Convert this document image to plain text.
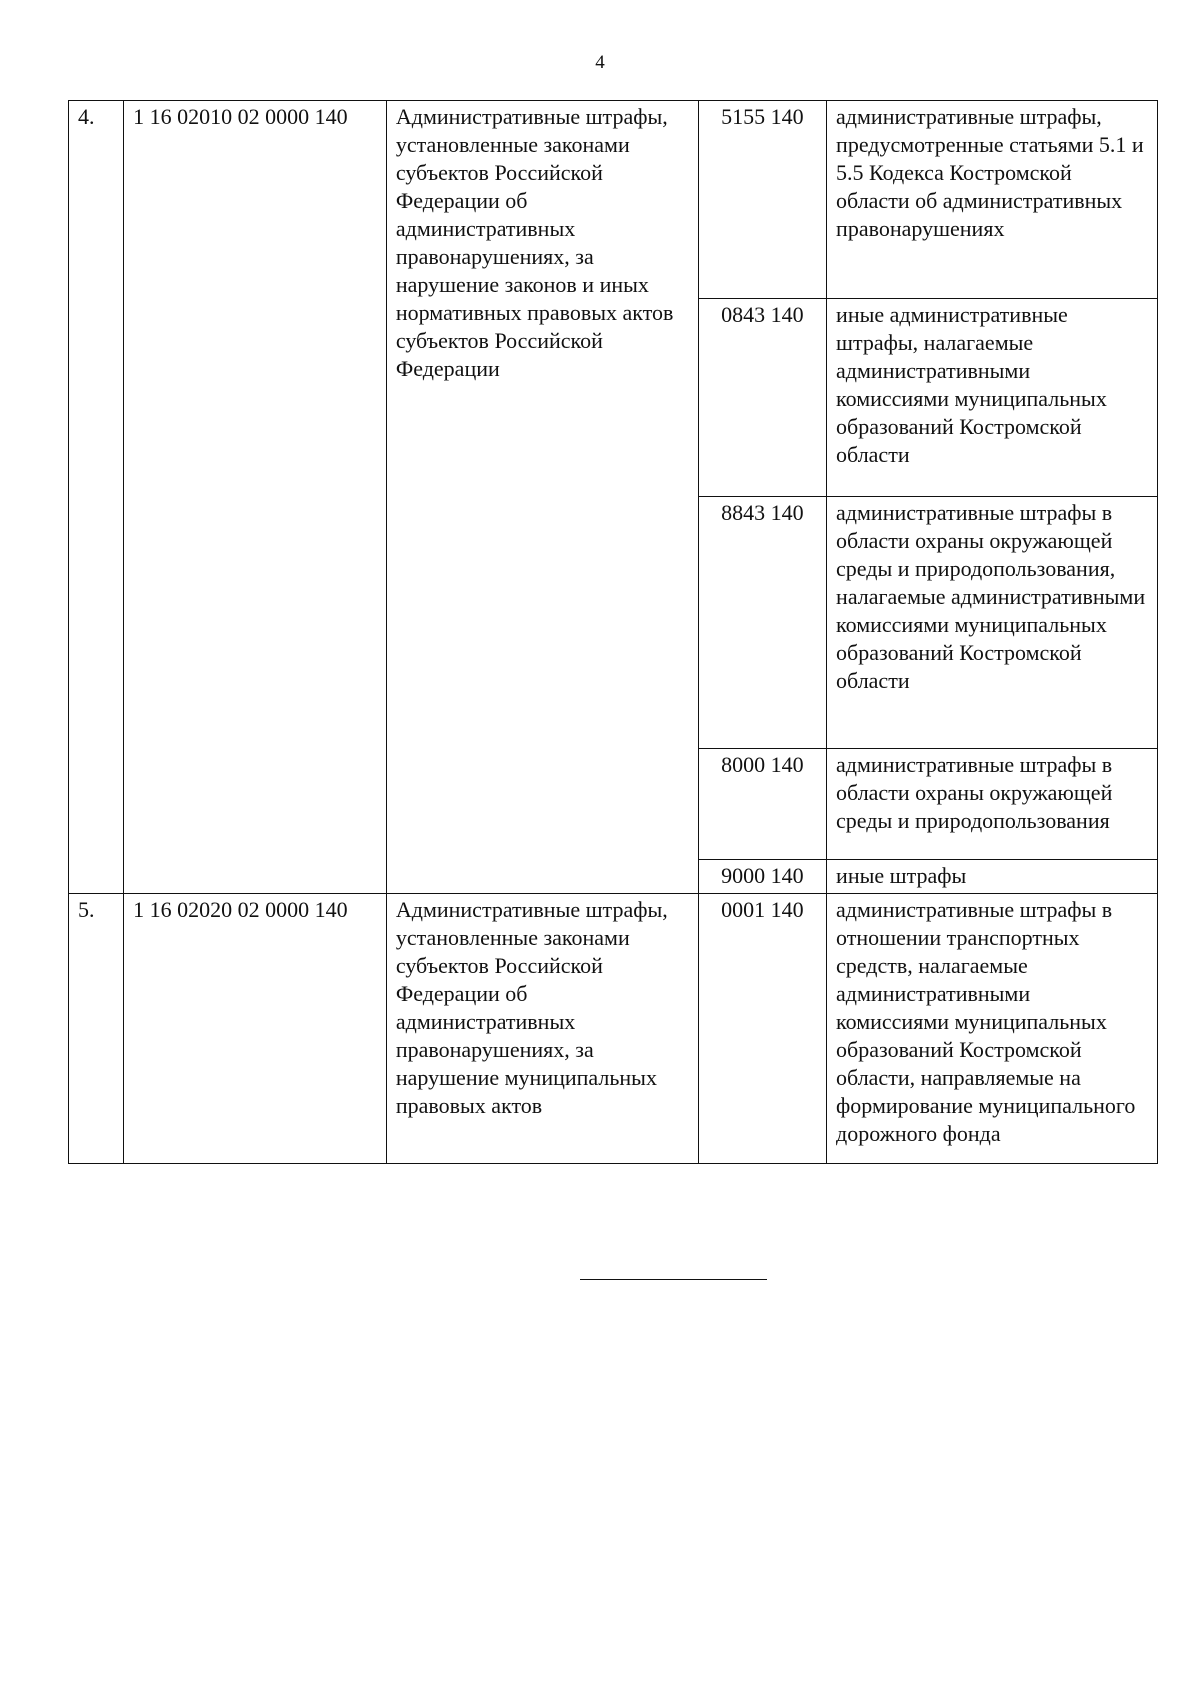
4
4.	1 16 02010 02 0000 140	Административные штрафы, установленные законами субъектов Российской Федерации об административных правонарушениях, за нарушение законов и иных нормативных правовых актов субъектов Российской Федерации	5155 140	административные штрафы, предусмотренные статьями 5.1 и 5.5 Кодекса Костромской области об административных правонарушениях
			0843 140	иные административные штрафы, налагаемые административными комиссиями муниципальных образований Костромской области
			8843 140	административные штрафы в области охраны окружающей среды и природопользования, налагаемые административными комиссиями муниципальных образований Костромской области
			8000 140	административные штрафы в области охраны окружающей среды и природопользования
			9000 140	иные штрафы
5.	1 16 02020 02 0000 140	Административные штрафы, установленные законами субъектов Российской Федерации об административных правонарушениях, за нарушение муниципальных правовых актов	0001 140	административные штрафы в отношении транспортных средств, налагаемые административными комиссиями муниципальных образований Костромской области, направляемые на формирование муниципального дорожного фонда
